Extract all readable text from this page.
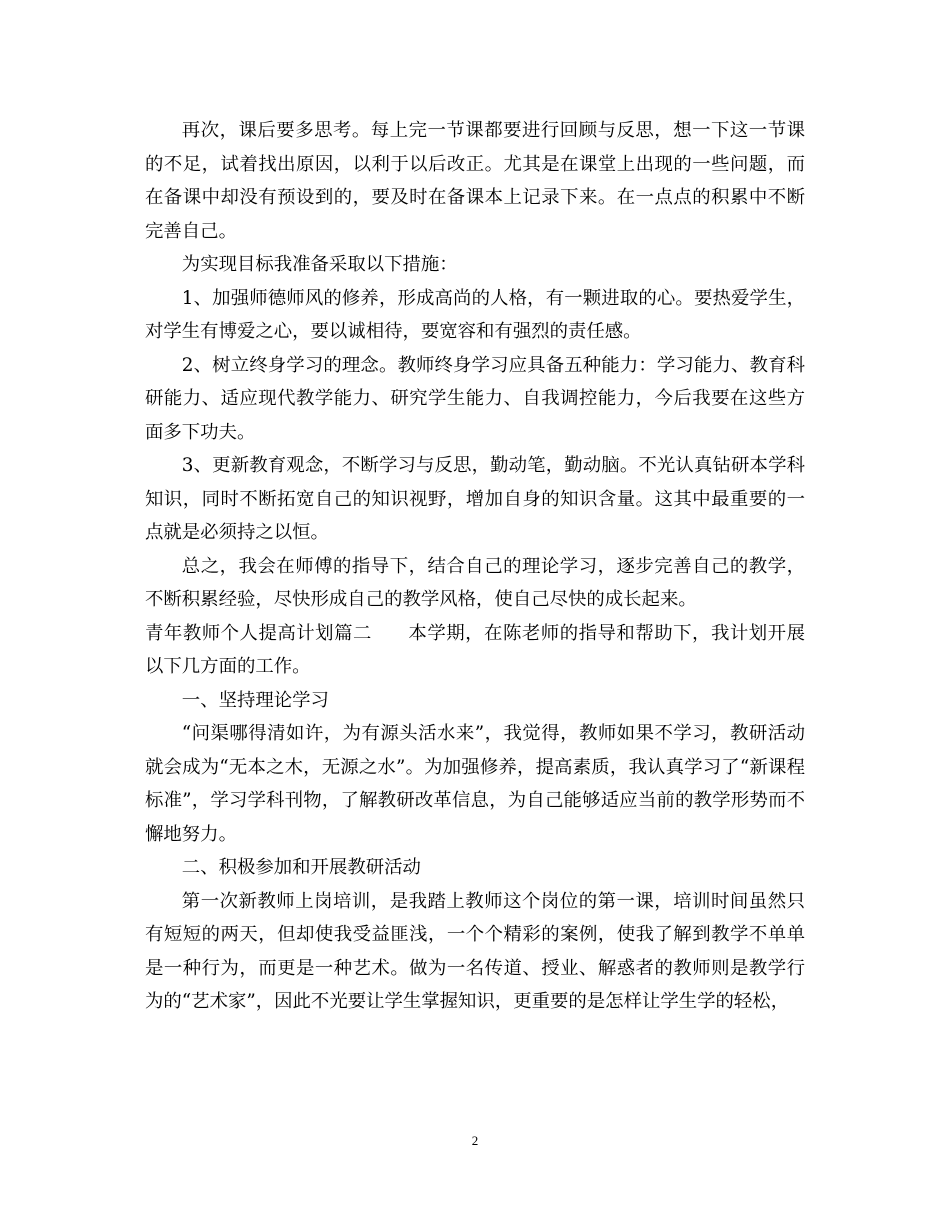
再次，课后要多思考。每上完一节课都要进行回顾与反思，想一下这一节课的不足，试着找出原因，以利于以后改正。尤其是在课堂上出现的一些问题，而在备课中却没有预设到的，要及时在备课本上记录下来。在一点点的积累中不断完善自己。

为实现目标我准备采取以下措施：

1、加强师德师风的修养，形成高尚的人格，有一颗进取的心。要热爱学生，对学生有博爱之心，要以诚相待，要宽容和有强烈的责任感。

2、树立终身学习的理念。教师终身学习应具备五种能力：学习能力、教育科研能力、适应现代教学能力、研究学生能力、自我调控能力，今后我要在这些方面多下功夫。

3、更新教育观念，不断学习与反思，勤动笔，勤动脑。不光认真钻研本学科知识，同时不断拓宽自己的知识视野，增加自身的知识含量。这其中最重要的一点就是必须持之以恒。

总之，我会在师傅的指导下，结合自己的理论学习，逐步完善自己的教学，不断积累经验，尽快形成自己的教学风格，使自己尽快的成长起来。

青年教师个人提高计划篇二 本学期，在陈老师的指导和帮助下，我计划开展以下几方面的工作。

一、坚持理论学习

“问渠哪得清如许，为有源头活水来”，我觉得，教师如果不学习，教研活动就会成为“无本之木，无源之水”。为加强修养，提高素质，我认真学习了“新课程标准”，学习学科刊物，了解教研改革信息，为自己能够适应当前的教学形势而不懈地努力。

二、积极参加和开展教研活动

第一次新教师上岗培训，是我踏上教师这个岗位的第一课，培训时间虽然只有短短的两天，但却使我受益匪浅，一个个精彩的案例，使我了解到教学不单单是一种行为，而更是一种艺术。做为一名传道、授业、解惑者的教师则是教学行为的“艺术家”，因此不光要让学生掌握知识，更重要的是怎样让学生学的轻松，

2
